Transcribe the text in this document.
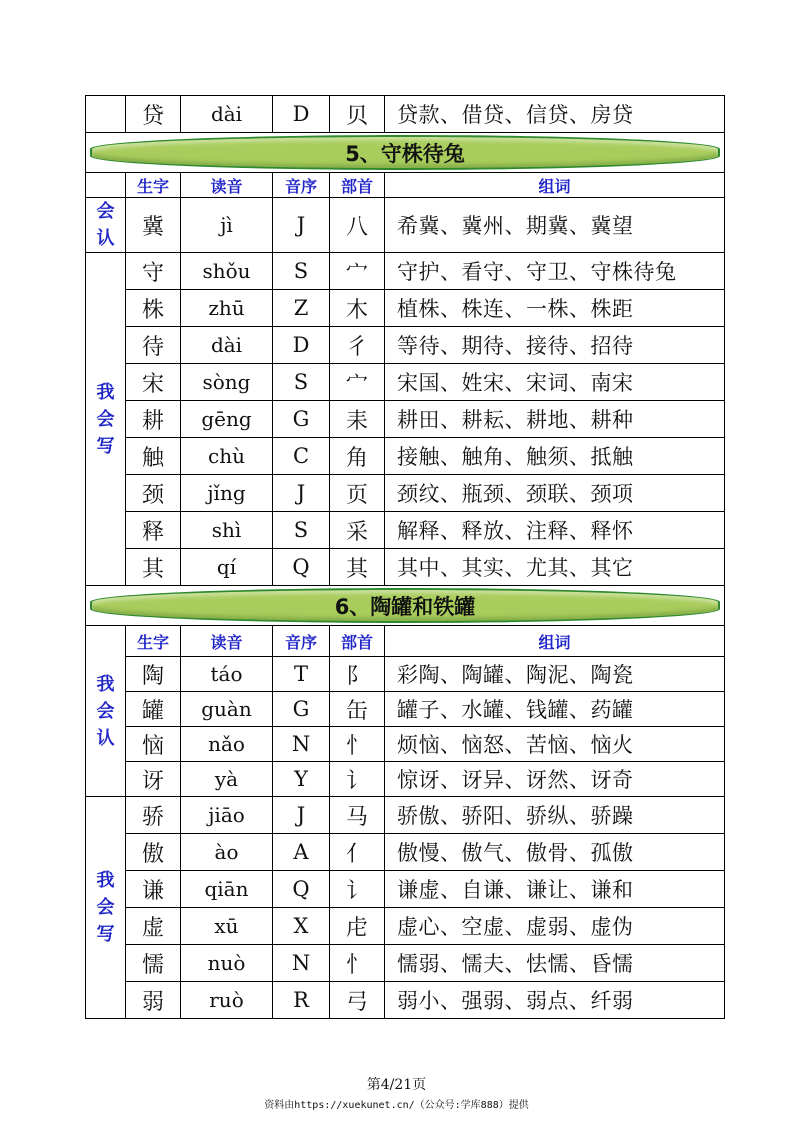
	贷	dài	D	贝	贷款、借贷、信贷、房贷

5、守株待兔					

	生字	读音	音序	部首	组词

会
认	冀	jì	J	八	希冀、冀州、期冀、冀望

我
会
写	守	shǒu	S	宀	守护、看守、守卫、守株待兔
	株	zhū	Z	木	植株、株连、一株、株距
	待	dài	D	彳	等待、期待、接待、招待
	宋	sòng	S	宀	宋国、姓宋、宋词、南宋
	耕	gēng	G	耒	耕田、耕耘、耕地、耕种
	触	chù	C	角	接触、触角、触须、抵触
	颈	jǐng	J	页	颈纹、瓶颈、颈联、颈项
	释	shì	S	采	解释、释放、注释、释怀
	其	qí	Q	其	其中、其实、尤其、其它

6、陶罐和铁罐					

我
会
认	生字	读音	音序	部首	组词
	陶	táo	T	阝	彩陶、陶罐、陶泥、陶瓷
	罐	guàn	G	缶	罐子、水罐、钱罐、药罐
	恼	nǎo	N	忄	烦恼、恼怒、苦恼、恼火
	讶	yà	Y	讠	惊讶、讶异、讶然、讶奇

我
会
写	骄	jiāo	J	马	骄傲、骄阳、骄纵、骄躁
	傲	ào	A	亻	傲慢、傲气、傲骨、孤傲
	谦	qiān	Q	讠	谦虚、自谦、谦让、谦和
	虚	xū	X	虍	虚心、空虚、虚弱、虚伪
	懦	nuò	N	忄	懦弱、懦夫、怯懦、昏懦
	弱	ruò	R	弓	弱小、强弱、弱点、纤弱
第4/21页
资料由https://xuekunet.cn/（公众号:学库888）提供
